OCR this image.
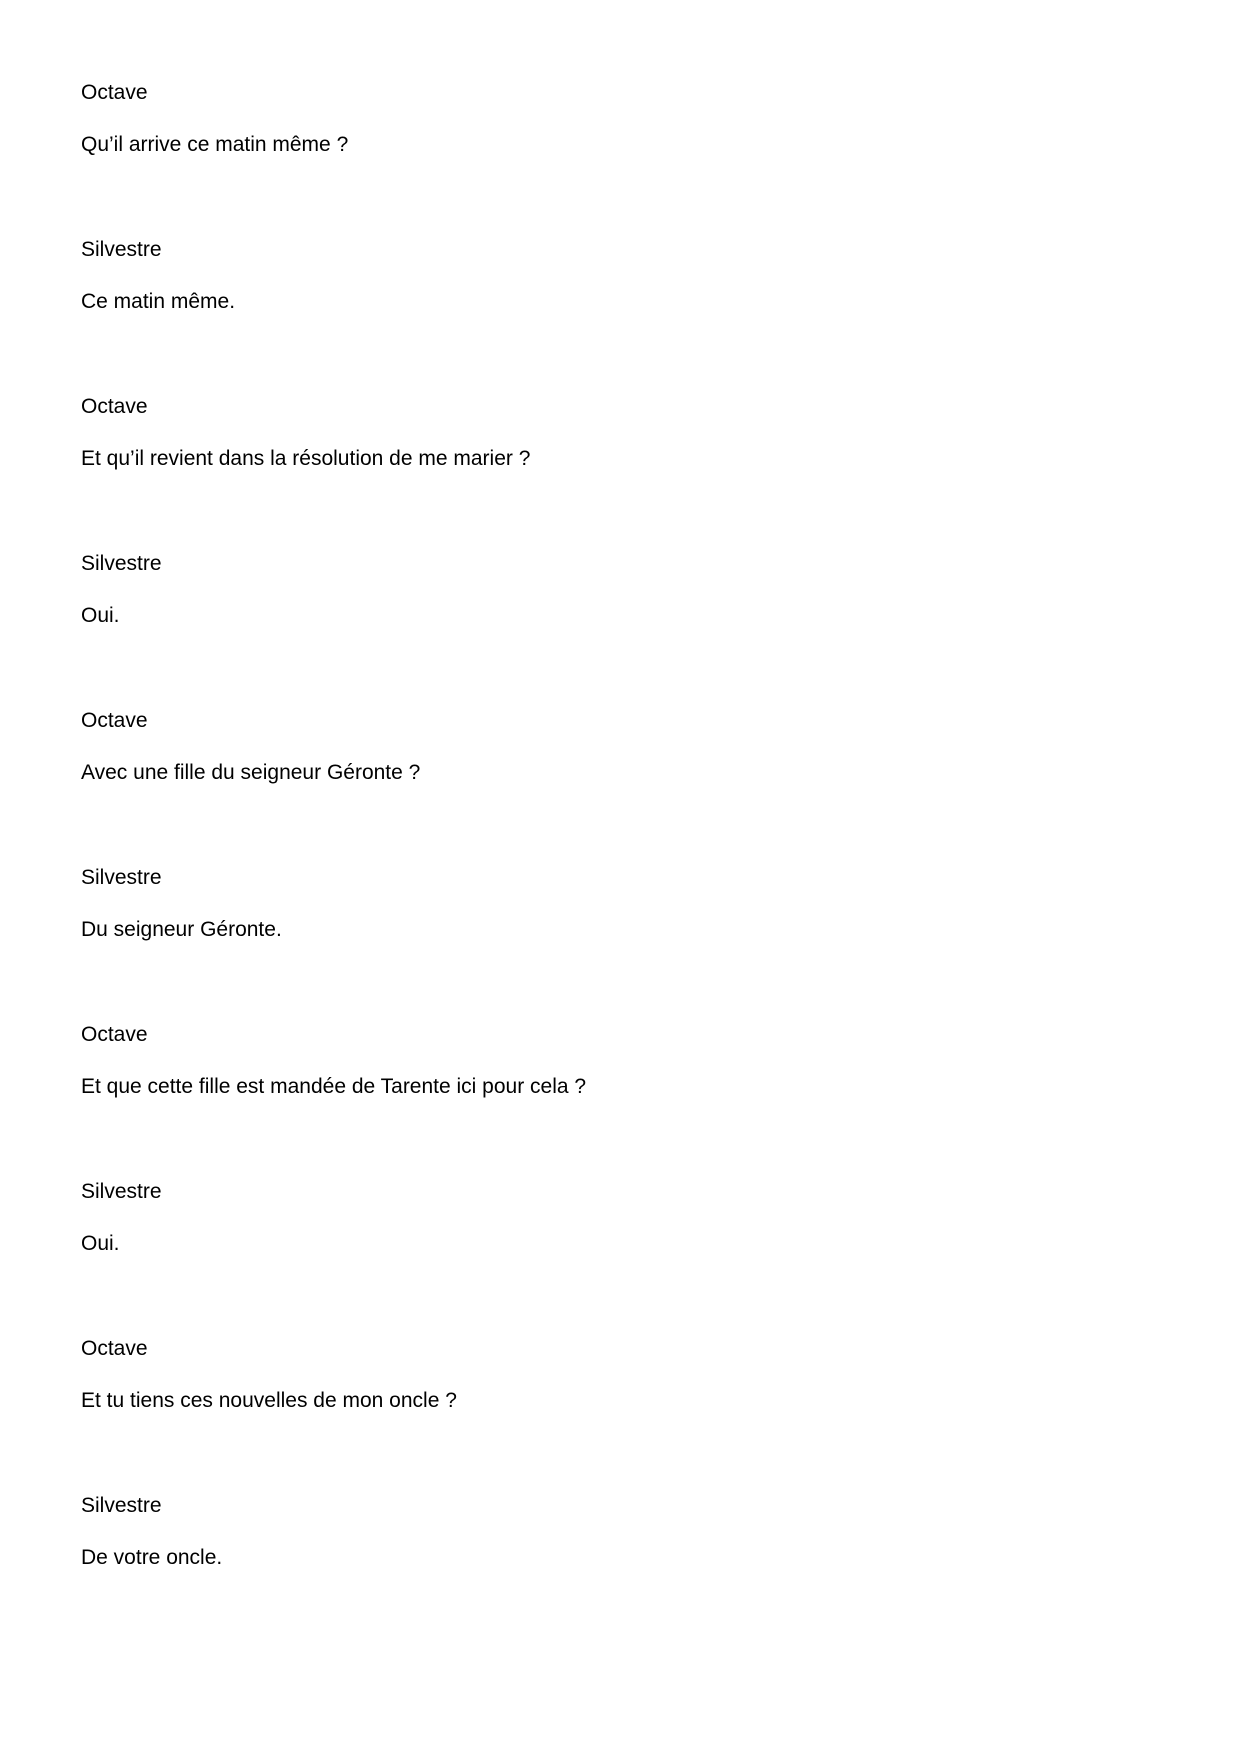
Octave
Qu’il arrive ce matin même ?
Silvestre
Ce matin même.
Octave
Et qu’il revient dans la résolution de me marier ?
Silvestre
Oui.
Octave
Avec une fille du seigneur Géronte ?
Silvestre
Du seigneur Géronte.
Octave
Et que cette fille est mandée de Tarente ici pour cela ?
Silvestre
Oui.
Octave
Et tu tiens ces nouvelles de mon oncle ?
Silvestre
De votre oncle.
